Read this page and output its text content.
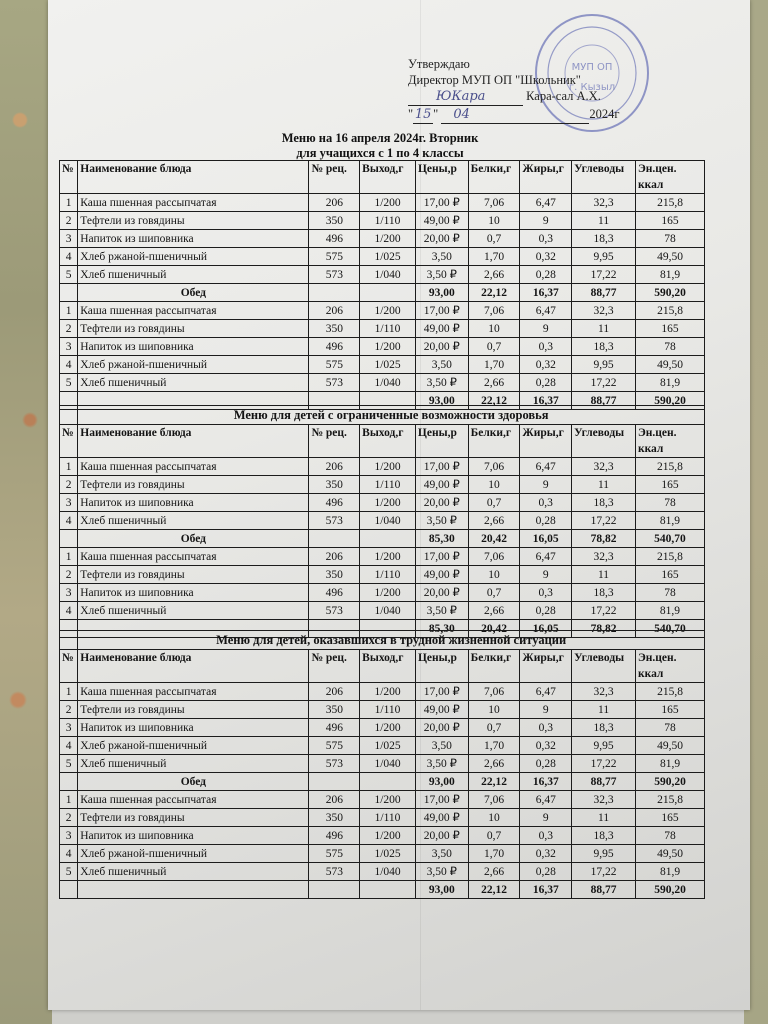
МУП ОП
г. Кызыл
Утверждаю
Директор МУП ОП "Школьник"
ЮКара	Кара-сал А.Х.
" 15 " 04	2024г
Меню на 16 апреля 2024г. Вторник
для учащихся с 1 по 4 классы
№	Наименование блюда	№ рец.	Выход,г	Цены,р	Белки,г	Жиры,г	Углеводы	Эн.цен. ккал
1	Каша пшенная рассыпчатая	206	1/200	17,00 ₽	7,06	6,47	32,3	215,8
2	Тефтели из говядины	350	1/110	49,00 ₽	10	9	11	165
3	Напиток из шиповника	496	1/200	20,00 ₽	0,7	0,3	18,3	78
4	Хлеб ржаной-пшеничный	575	1/025	3,50	1,70	0,32	9,95	49,50
5	Хлеб пшеничный	573	1/040	3,50 ₽	2,66	0,28	17,22	81,9
	Обед			93,00	22,12	16,37	88,77	590,20
1	Каша пшенная рассыпчатая	206	1/200	17,00 ₽	7,06	6,47	32,3	215,8
2	Тефтели из говядины	350	1/110	49,00 ₽	10	9	11	165
3	Напиток из шиповника	496	1/200	20,00 ₽	0,7	0,3	18,3	78
4	Хлеб ржаной-пшеничный	575	1/025	3,50	1,70	0,32	9,95	49,50
5	Хлеб пшеничный	573	1/040	3,50 ₽	2,66	0,28	17,22	81,9
				93,00	22,12	16,37	88,77	590,20
	Меню для детей с ограниченные возможности здоровья							
№	Наименование блюда	№ рец.	Выход,г	Цены,р	Белки,г	Жиры,г	Углеводы	Эн.цен. ккал
1	Каша пшенная рассыпчатая	206	1/200	17,00 ₽	7,06	6,47	32,3	215,8
2	Тефтели из говядины	350	1/110	49,00 ₽	10	9	11	165
3	Напиток из шиповника	496	1/200	20,00 ₽	0,7	0,3	18,3	78
4	Хлеб пшеничный	573	1/040	3,50 ₽	2,66	0,28	17,22	81,9
	Обед			85,30	20,42	16,05	78,82	540,70
1	Каша пшенная рассыпчатая	206	1/200	17,00 ₽	7,06	6,47	32,3	215,8
2	Тефтели из говядины	350	1/110	49,00 ₽	10	9	11	165
3	Напиток из шиповника	496	1/200	20,00 ₽	0,7	0,3	18,3	78
4	Хлеб пшеничный	573	1/040	3,50 ₽	2,66	0,28	17,22	81,9
				85,30	20,42	16,05	78,82	540,70
	Меню для детей, оказавшихся в трудной жизненной ситуации							
№	Наименование блюда	№ рец.	Выход,г	Цены,р	Белки,г	Жиры,г	Углеводы	Эн.цен. ккал
1	Каша пшенная рассыпчатая	206	1/200	17,00 ₽	7,06	6,47	32,3	215,8
2	Тефтели из говядины	350	1/110	49,00 ₽	10	9	11	165
3	Напиток из шиповника	496	1/200	20,00 ₽	0,7	0,3	18,3	78
4	Хлеб ржаной-пшеничный	575	1/025	3,50	1,70	0,32	9,95	49,50
5	Хлеб пшеничный	573	1/040	3,50 ₽	2,66	0,28	17,22	81,9
	Обед			93,00	22,12	16,37	88,77	590,20
1	Каша пшенная рассыпчатая	206	1/200	17,00 ₽	7,06	6,47	32,3	215,8
2	Тефтели из говядины	350	1/110	49,00 ₽	10	9	11	165
3	Напиток из шиповника	496	1/200	20,00 ₽	0,7	0,3	18,3	78
4	Хлеб ржаной-пшеничный	575	1/025	3,50	1,70	0,32	9,95	49,50
5	Хлеб пшеничный	573	1/040	3,50 ₽	2,66	0,28	17,22	81,9
				93,00	22,12	16,37	88,77	590,20
